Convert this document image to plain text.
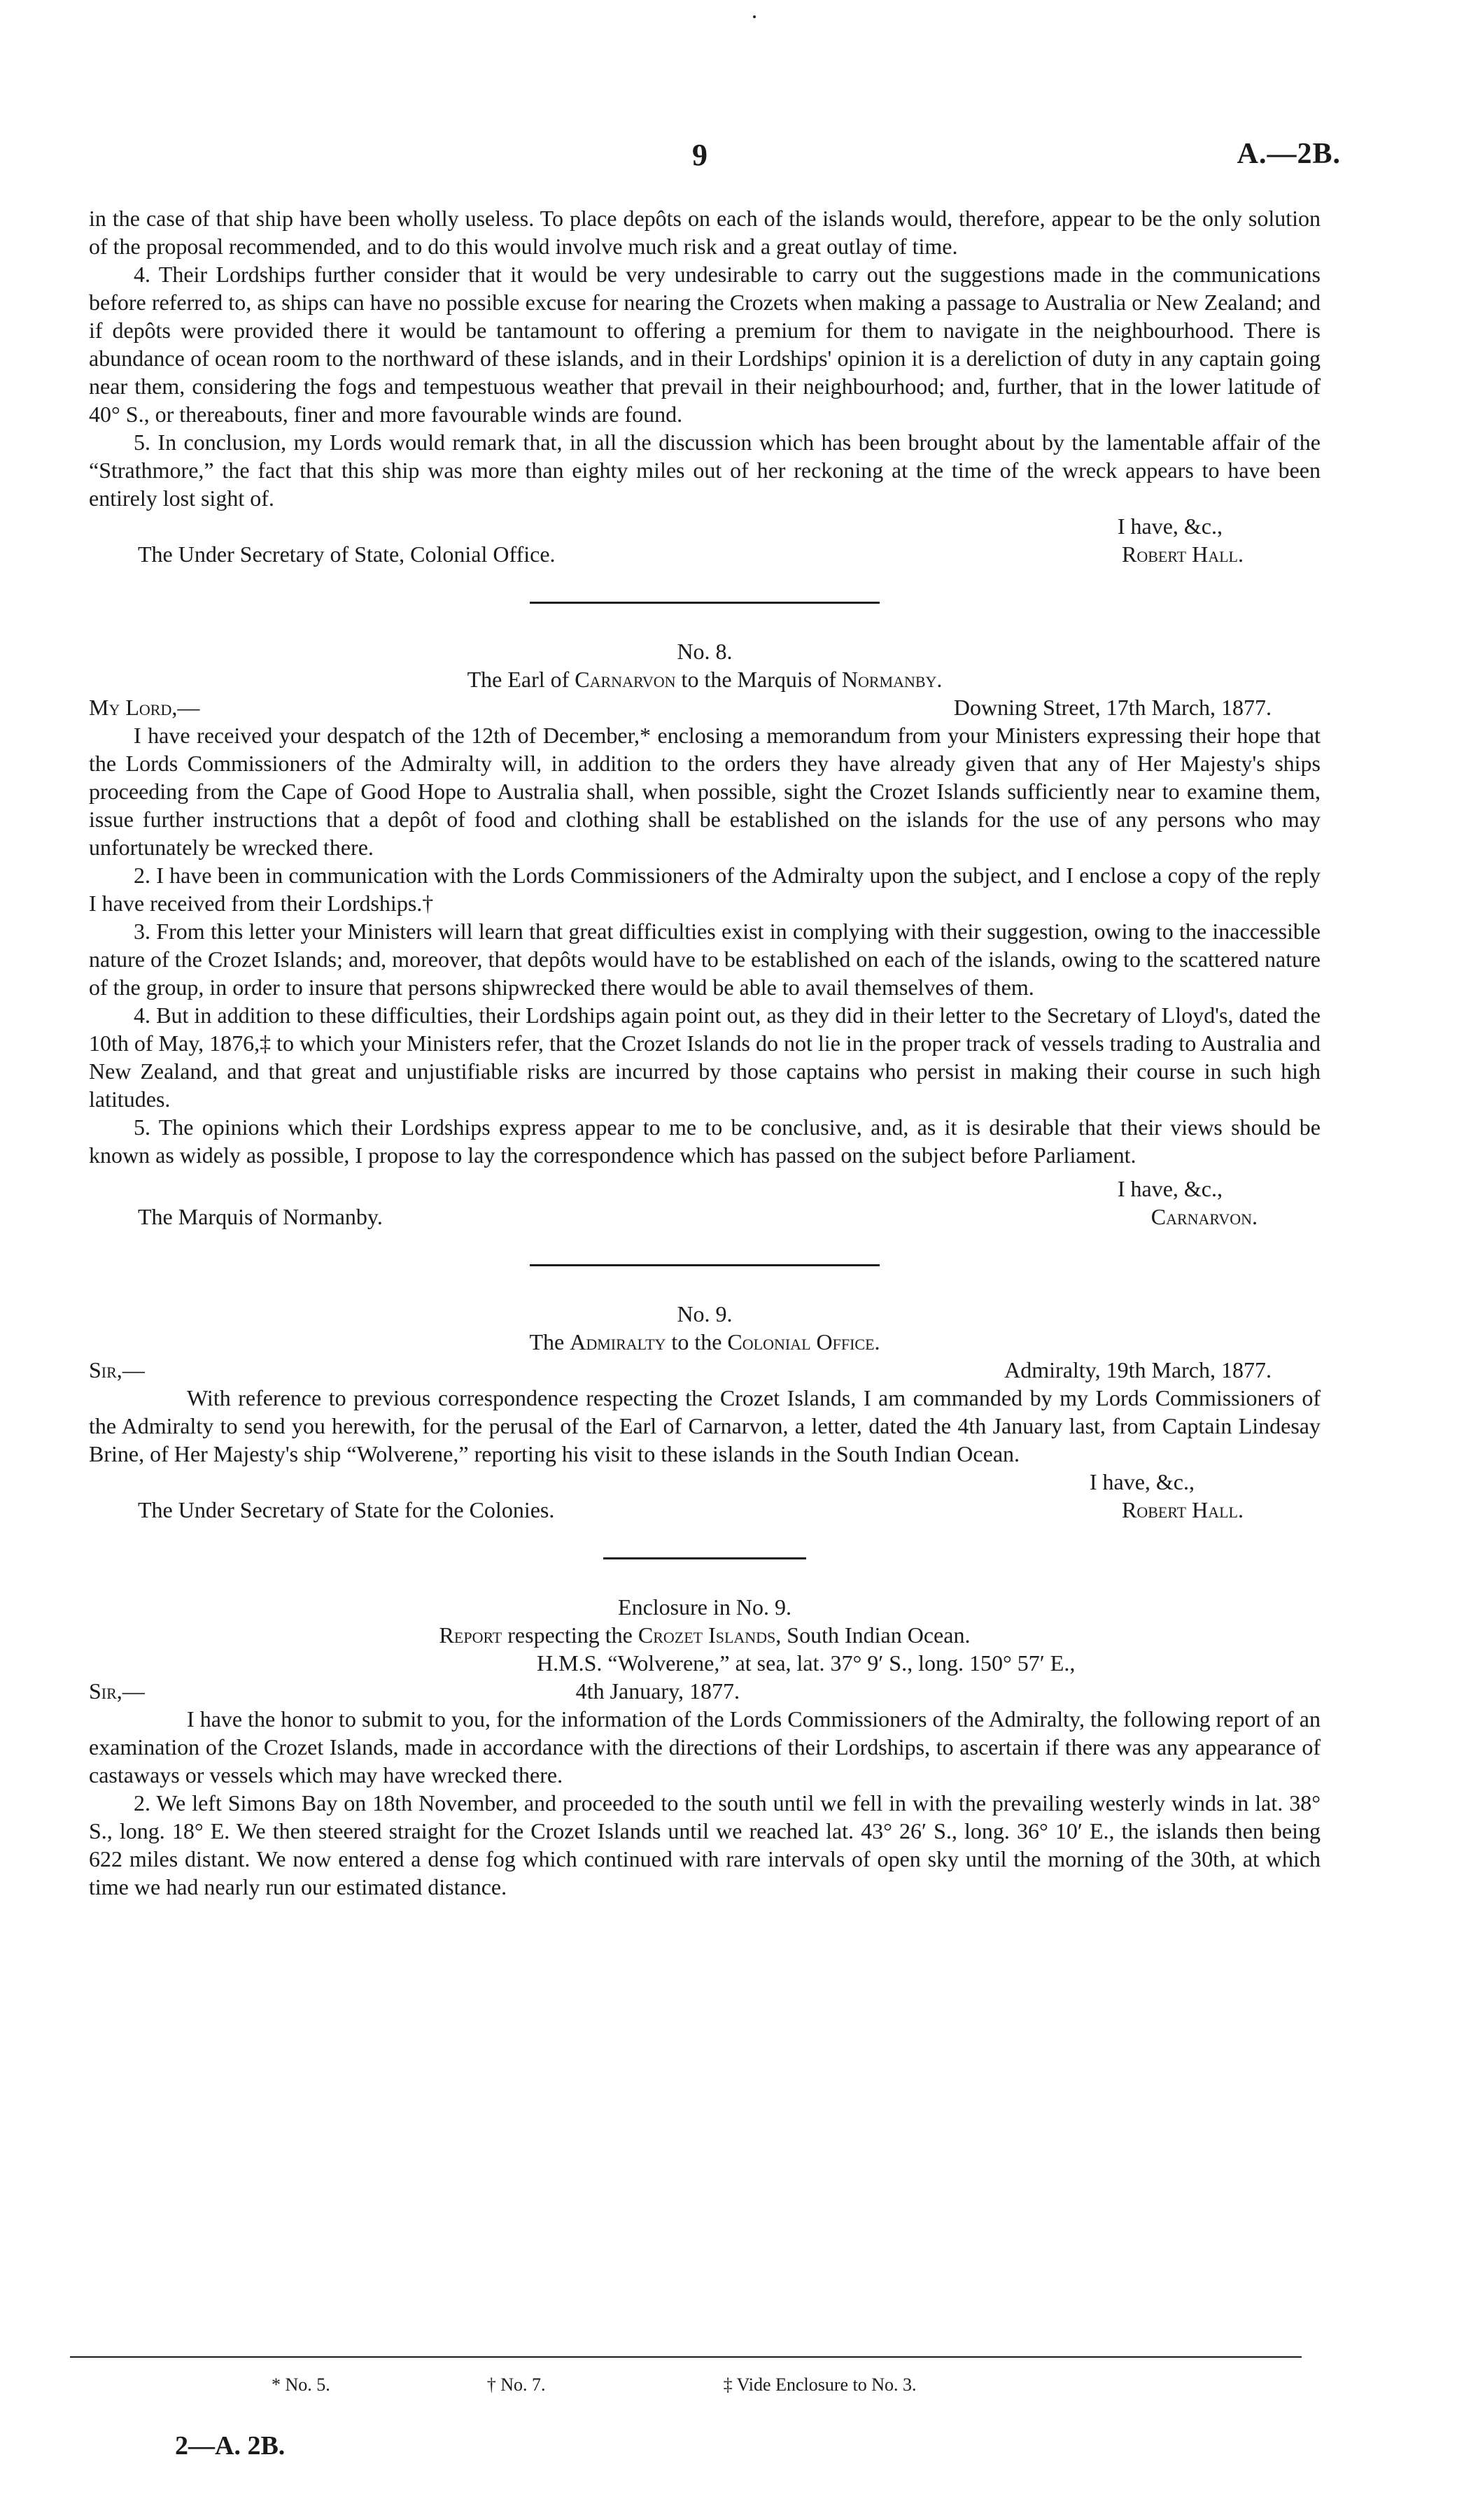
9	A.—2B.

in the case of that ship have been wholly useless. To place depôts on each of the islands would, therefore, appear to be the only solution of the proposal recommended, and to do this would involve much risk and a great outlay of time.

4. Their Lordships further consider that it would be very undesirable to carry out the suggestions made in the communications before referred to, as ships can have no possible excuse for nearing the Crozets when making a passage to Australia or New Zealand; and if depôts were provided there it would be tantamount to offering a premium for them to navigate in the neighbourhood. There is abundance of ocean room to the northward of these islands, and in their Lordships' opinion it is a dereliction of duty in any captain going near them, considering the fogs and tempestuous weather that prevail in their neighbourhood; and, further, that in the lower latitude of 40° S., or thereabouts, finer and more favourable winds are found.

5. In conclusion, my Lords would remark that, in all the discussion which has been brought about by the lamentable affair of the “Strathmore,” the fact that this ship was more than eighty miles out of her reckoning at the time of the wreck appears to have been entirely lost sight of.

I have, &c.,

The Under Secretary of State, Colonial Office.	Robert Hall.

No. 8.

The Earl of Carnarvon to the Marquis of Normanby.

My Lord,—	Downing Street, 17th March, 1877.

I have received your despatch of the 12th of December,* enclosing a memorandum from your Ministers expressing their hope that the Lords Commissioners of the Admiralty will, in addition to the orders they have already given that any of Her Majesty's ships proceeding from the Cape of Good Hope to Australia shall, when possible, sight the Crozet Islands sufficiently near to examine them, issue further instructions that a depôt of food and clothing shall be established on the islands for the use of any persons who may unfortunately be wrecked there.

2. I have been in communication with the Lords Commissioners of the Admiralty upon the subject, and I enclose a copy of the reply I have received from their Lordships.†

3. From this letter your Ministers will learn that great difficulties exist in complying with their suggestion, owing to the inaccessible nature of the Crozet Islands; and, moreover, that depôts would have to be established on each of the islands, owing to the scattered nature of the group, in order to insure that persons shipwrecked there would be able to avail themselves of them.

4. But in addition to these difficulties, their Lordships again point out, as they did in their letter to the Secretary of Lloyd's, dated the 10th of May, 1876,‡ to which your Ministers refer, that the Crozet Islands do not lie in the proper track of vessels trading to Australia and New Zealand, and that great and unjustifiable risks are incurred by those captains who persist in making their course in such high latitudes.

5. The opinions which their Lordships express appear to me to be conclusive, and, as it is desirable that their views should be known as widely as possible, I propose to lay the correspondence which has passed on the subject before Parliament.

I have, &c.,

The Marquis of Normanby.	Carnarvon.

No. 9.

The Admiralty to the Colonial Office.

Sir,—	Admiralty, 19th March, 1877.

With reference to previous correspondence respecting the Crozet Islands, I am commanded by my Lords Commissioners of the Admiralty to send you herewith, for the perusal of the Earl of Carnarvon, a letter, dated the 4th January last, from Captain Lindesay Brine, of Her Majesty's ship “Wolverene,” reporting his visit to these islands in the South Indian Ocean.

I have, &c.,

The Under Secretary of State for the Colonies.	Robert Hall.

Enclosure in No. 9.

Report respecting the Crozet Islands, South Indian Ocean.

H.M.S. “Wolverene,” at sea, lat. 37° 9′ S., long. 150° 57′ E.,

Sir,—	4th January, 1877.

I have the honor to submit to you, for the information of the Lords Commissioners of the Admiralty, the following report of an examination of the Crozet Islands, made in accordance with the directions of their Lordships, to ascertain if there was any appearance of castaways or vessels which may have wrecked there.

2. We left Simons Bay on 18th November, and proceeded to the south until we fell in with the prevailing westerly winds in lat. 38° S., long. 18° E. We then steered straight for the Crozet Islands until we reached lat. 43° 26′ S., long. 36° 10′ E., the islands then being 622 miles distant. We now entered a dense fog which continued with rare intervals of open sky until the morning of the 30th, at which time we had nearly run our estimated distance.

* No. 5.	† No. 7.	‡ Vide Enclosure to No. 3.
2—A. 2B.
